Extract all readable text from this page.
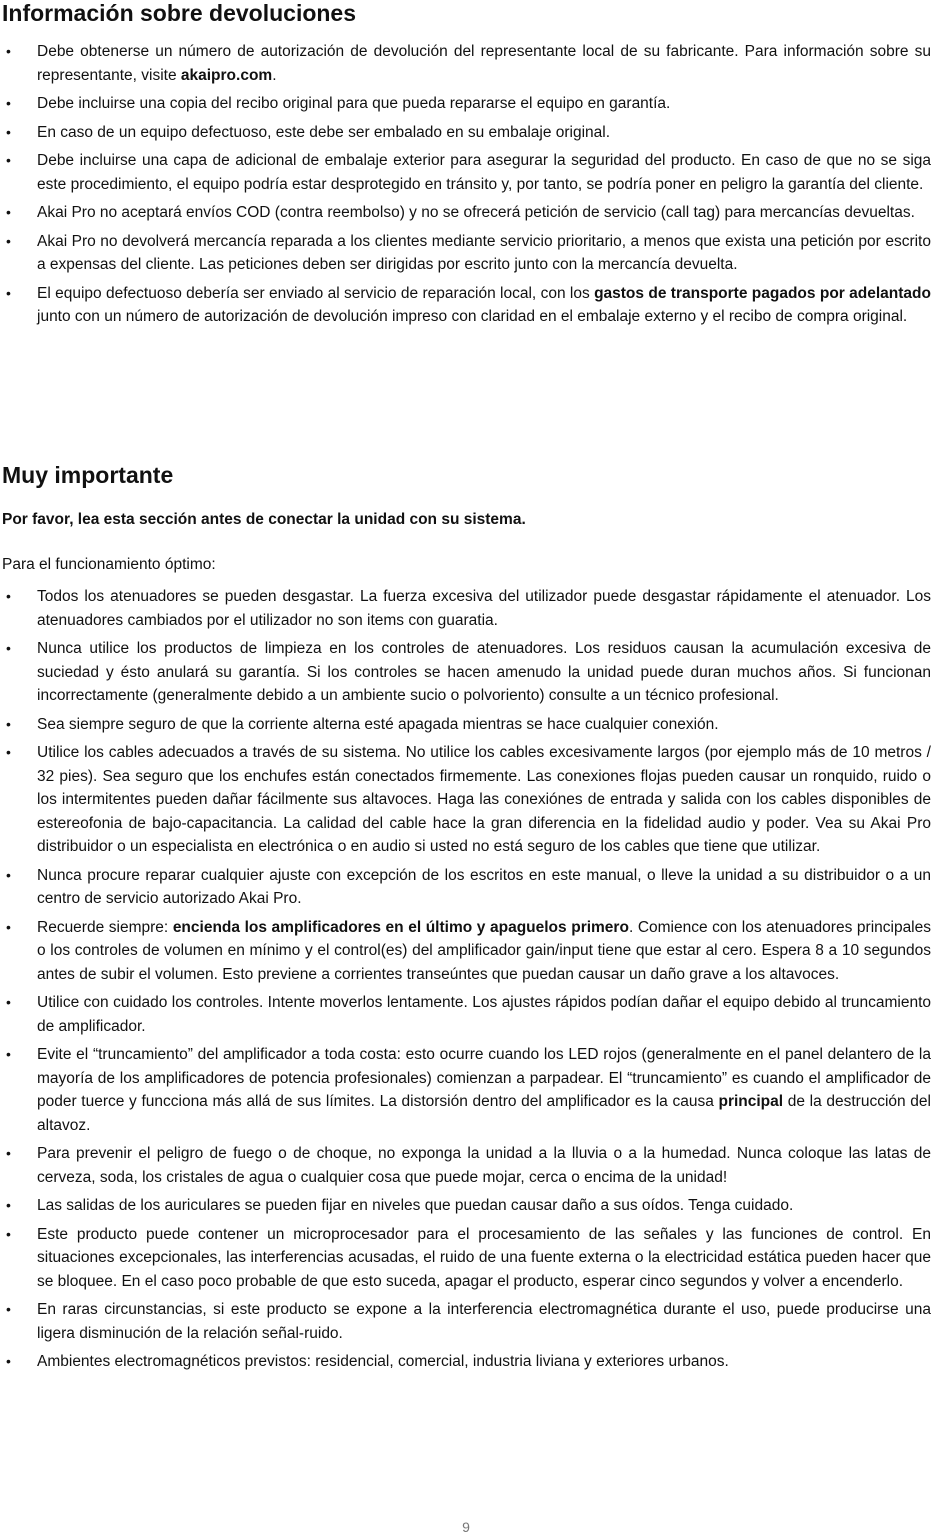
Información sobre devoluciones
• Debe obtenerse un número de autorización de devolución del representante local de su fabricante. Para información sobre su representante, visite akaipro.com.
• Debe incluirse una copia del recibo original para que pueda repararse el equipo en garantía.
• En caso de un equipo defectuoso, este debe ser embalado en su embalaje original.
• Debe incluirse una capa de adicional de embalaje exterior para asegurar la seguridad del producto. En caso de que no se siga este procedimiento, el equipo podría estar desprotegido en tránsito y, por tanto, se podría poner en peligro la garantía del cliente.
• Akai Pro no aceptará envíos COD (contra reembolso) y no se ofrecerá petición de servicio (call tag) para mercancías devueltas.
• Akai Pro no devolverá mercancía reparada a los clientes mediante servicio prioritario, a menos que exista una petición por escrito a expensas del cliente. Las peticiones deben ser dirigidas por escrito junto con la mercancía devuelta.
• El equipo defectuoso debería ser enviado al servicio de reparación local, con los gastos de transporte pagados por adelantado junto con un número de autorización de devolución impreso con claridad en el embalaje externo y el recibo de compra original.
Muy importante
Por favor, lea esta sección antes de conectar la unidad con su sistema.
Para el funcionamiento óptimo:
• Todos los atenuadores se pueden desgastar. La fuerza excesiva del utilizador puede desgastar rápidamente el atenuador. Los atenuadores cambiados por el utilizador no son items con guaratia.
• Nunca utilice los productos de limpieza en los controles de atenuadores. Los residuos causan la acumulación excesiva de suciedad y ésto anulará su garantía. Si los controles se hacen amenudo la unidad puede duran muchos años. Si funcionan incorrectamente (generalmente debido a un ambiente sucio o polvoriento) consulte a un técnico profesional.
• Sea siempre seguro de que la corriente alterna esté apagada mientras se hace cualquier conexión.
• Utilice los cables adecuados a través de su sistema. No utilice los cables excesivamente largos (por ejemplo más de 10 metros / 32 pies). Sea seguro que los enchufes están conectados firmemente. Las conexiones flojas pueden causar un ronquido, ruido o los intermitentes pueden dañar fácilmente sus altavoces. Haga las conexiónes de entrada y salida con los cables disponibles de estereofonia de bajo-capacitancia. La calidad del cable hace la gran diferencia en la fidelidad audio y poder. Vea su Akai Pro distribuidor o un especialista en electrónica o en audio si usted no está seguro de los cables que tiene que utilizar.
• Nunca procure reparar cualquier ajuste con excepción de los escritos en este manual, o lleve la unidad a su distribuidor o a un centro de servicio autorizado Akai Pro.
• Recuerde siempre: encienda los amplificadores en el último y apaguelos primero. Comience con los atenuadores principales o los controles de volumen en mínimo y el control(es) del amplificador gain/input tiene que estar al cero. Espera 8 a 10 segundos antes de subir el volumen. Esto previene a corrientes transeúntes que puedan causar un daño grave a los altavoces.
• Utilice con cuidado los controles. Intente moverlos lentamente. Los ajustes rápidos podían dañar el equipo debido al truncamiento de amplificador.
• Evite el “truncamiento” del amplificador a toda costa: esto ocurre cuando los LED rojos (generalmente en el panel delantero de la mayoría de los amplificadores de potencia profesionales) comienzan a parpadear. El “truncamiento” es cuando el amplificador de poder tuerce y funcciona más allá de sus límites. La distorsión dentro del amplificador es la causa principal de la destrucción del altavoz.
• Para prevenir el peligro de fuego o de choque, no exponga la unidad a la lluvia o a la humedad. Nunca coloque las latas de cerveza, soda, los cristales de agua o cualquier cosa que puede mojar, cerca o encima de la unidad!
• Las salidas de los auriculares se pueden fijar en niveles que puedan causar daño a sus oídos. Tenga cuidado.
• Este producto puede contener un microprocesador para el procesamiento de las señales y las funciones de control. En situaciones excepcionales, las interferencias acusadas, el ruido de una fuente externa o la electricidad estática pueden hacer que se bloquee. En el caso poco probable de que esto suceda, apagar el producto, esperar cinco segundos y volver a encenderlo.
• En raras circunstancias, si este producto se expone a la interferencia electromagnética durante el uso, puede producirse una ligera disminución de la relación señal-ruido.
• Ambientes electromagnéticos previstos: residencial, comercial, industria liviana y exteriores urbanos.
9
